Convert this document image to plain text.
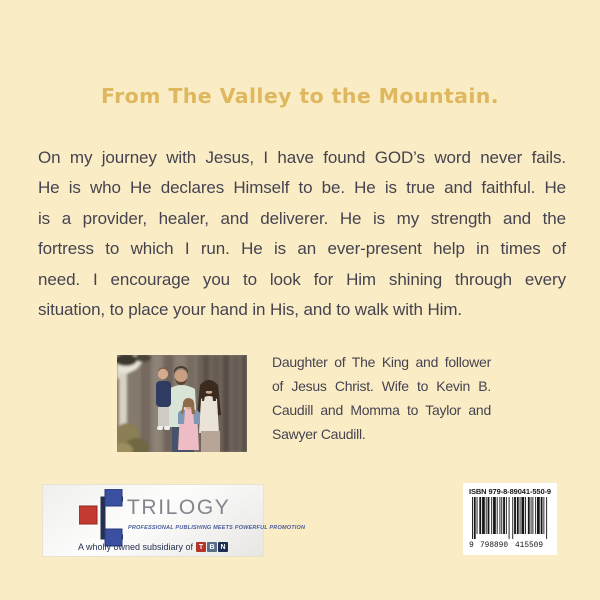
From The Valley to the Mountain.
On my journey with Jesus, I have found GOD’s word never fails.
He is who He declares Himself to be. He is true and faithful. He
is a provider, healer, and deliverer. He is my strength and the
fortress to which I run. He is an ever-present help in times of
need. I encourage you to look for Him shining through every
situation, to place your hand in His, and to walk with Him.
Daughter of The King and follower
of Jesus Christ. Wife to Kevin B.
Caudill and Momma to Taylor and
Sawyer Caudill.
TRILOGY
PROFESSIONAL PUBLISHING MEETS POWERFUL PROMOTION
A wholly owned subsidiary of T B N
ISBN 979-8-89041-550-9
9 798890 415509
